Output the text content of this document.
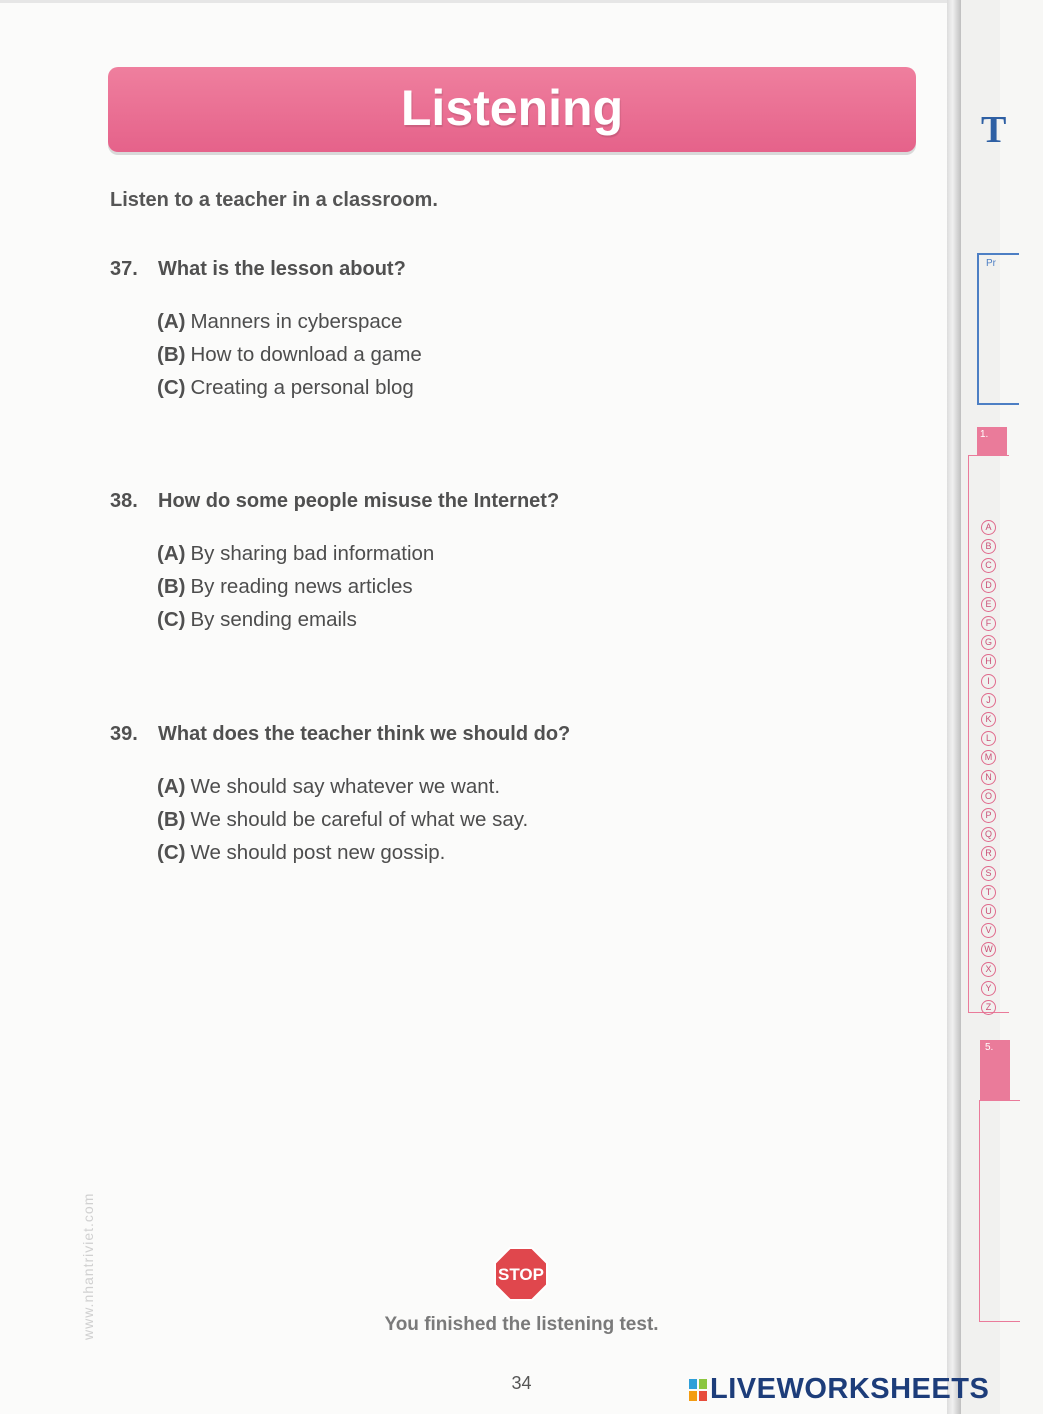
Listening
Listen to a teacher in a classroom.
37. What is the lesson about?
(A) Manners in cyberspace
(B) How to download a game
(C) Creating a personal blog
38. How do some people misuse the Internet?
(A) By sharing bad information
(B) By reading news articles
(C) By sending emails
39. What does the teacher think we should do?
(A) We should say whatever we want.
(B) We should be careful of what we say.
(C) We should post new gossip.
www.nhantriviet.com	STOP
You finished the listening test.
34
T
Pr
1.
A
B
C
D
E
F
G
H
I
J
K
L
M
N
O
P
Q
R
S
T
U
V
W
X
Y
Z
5.
LIVEWORKSHEETS
